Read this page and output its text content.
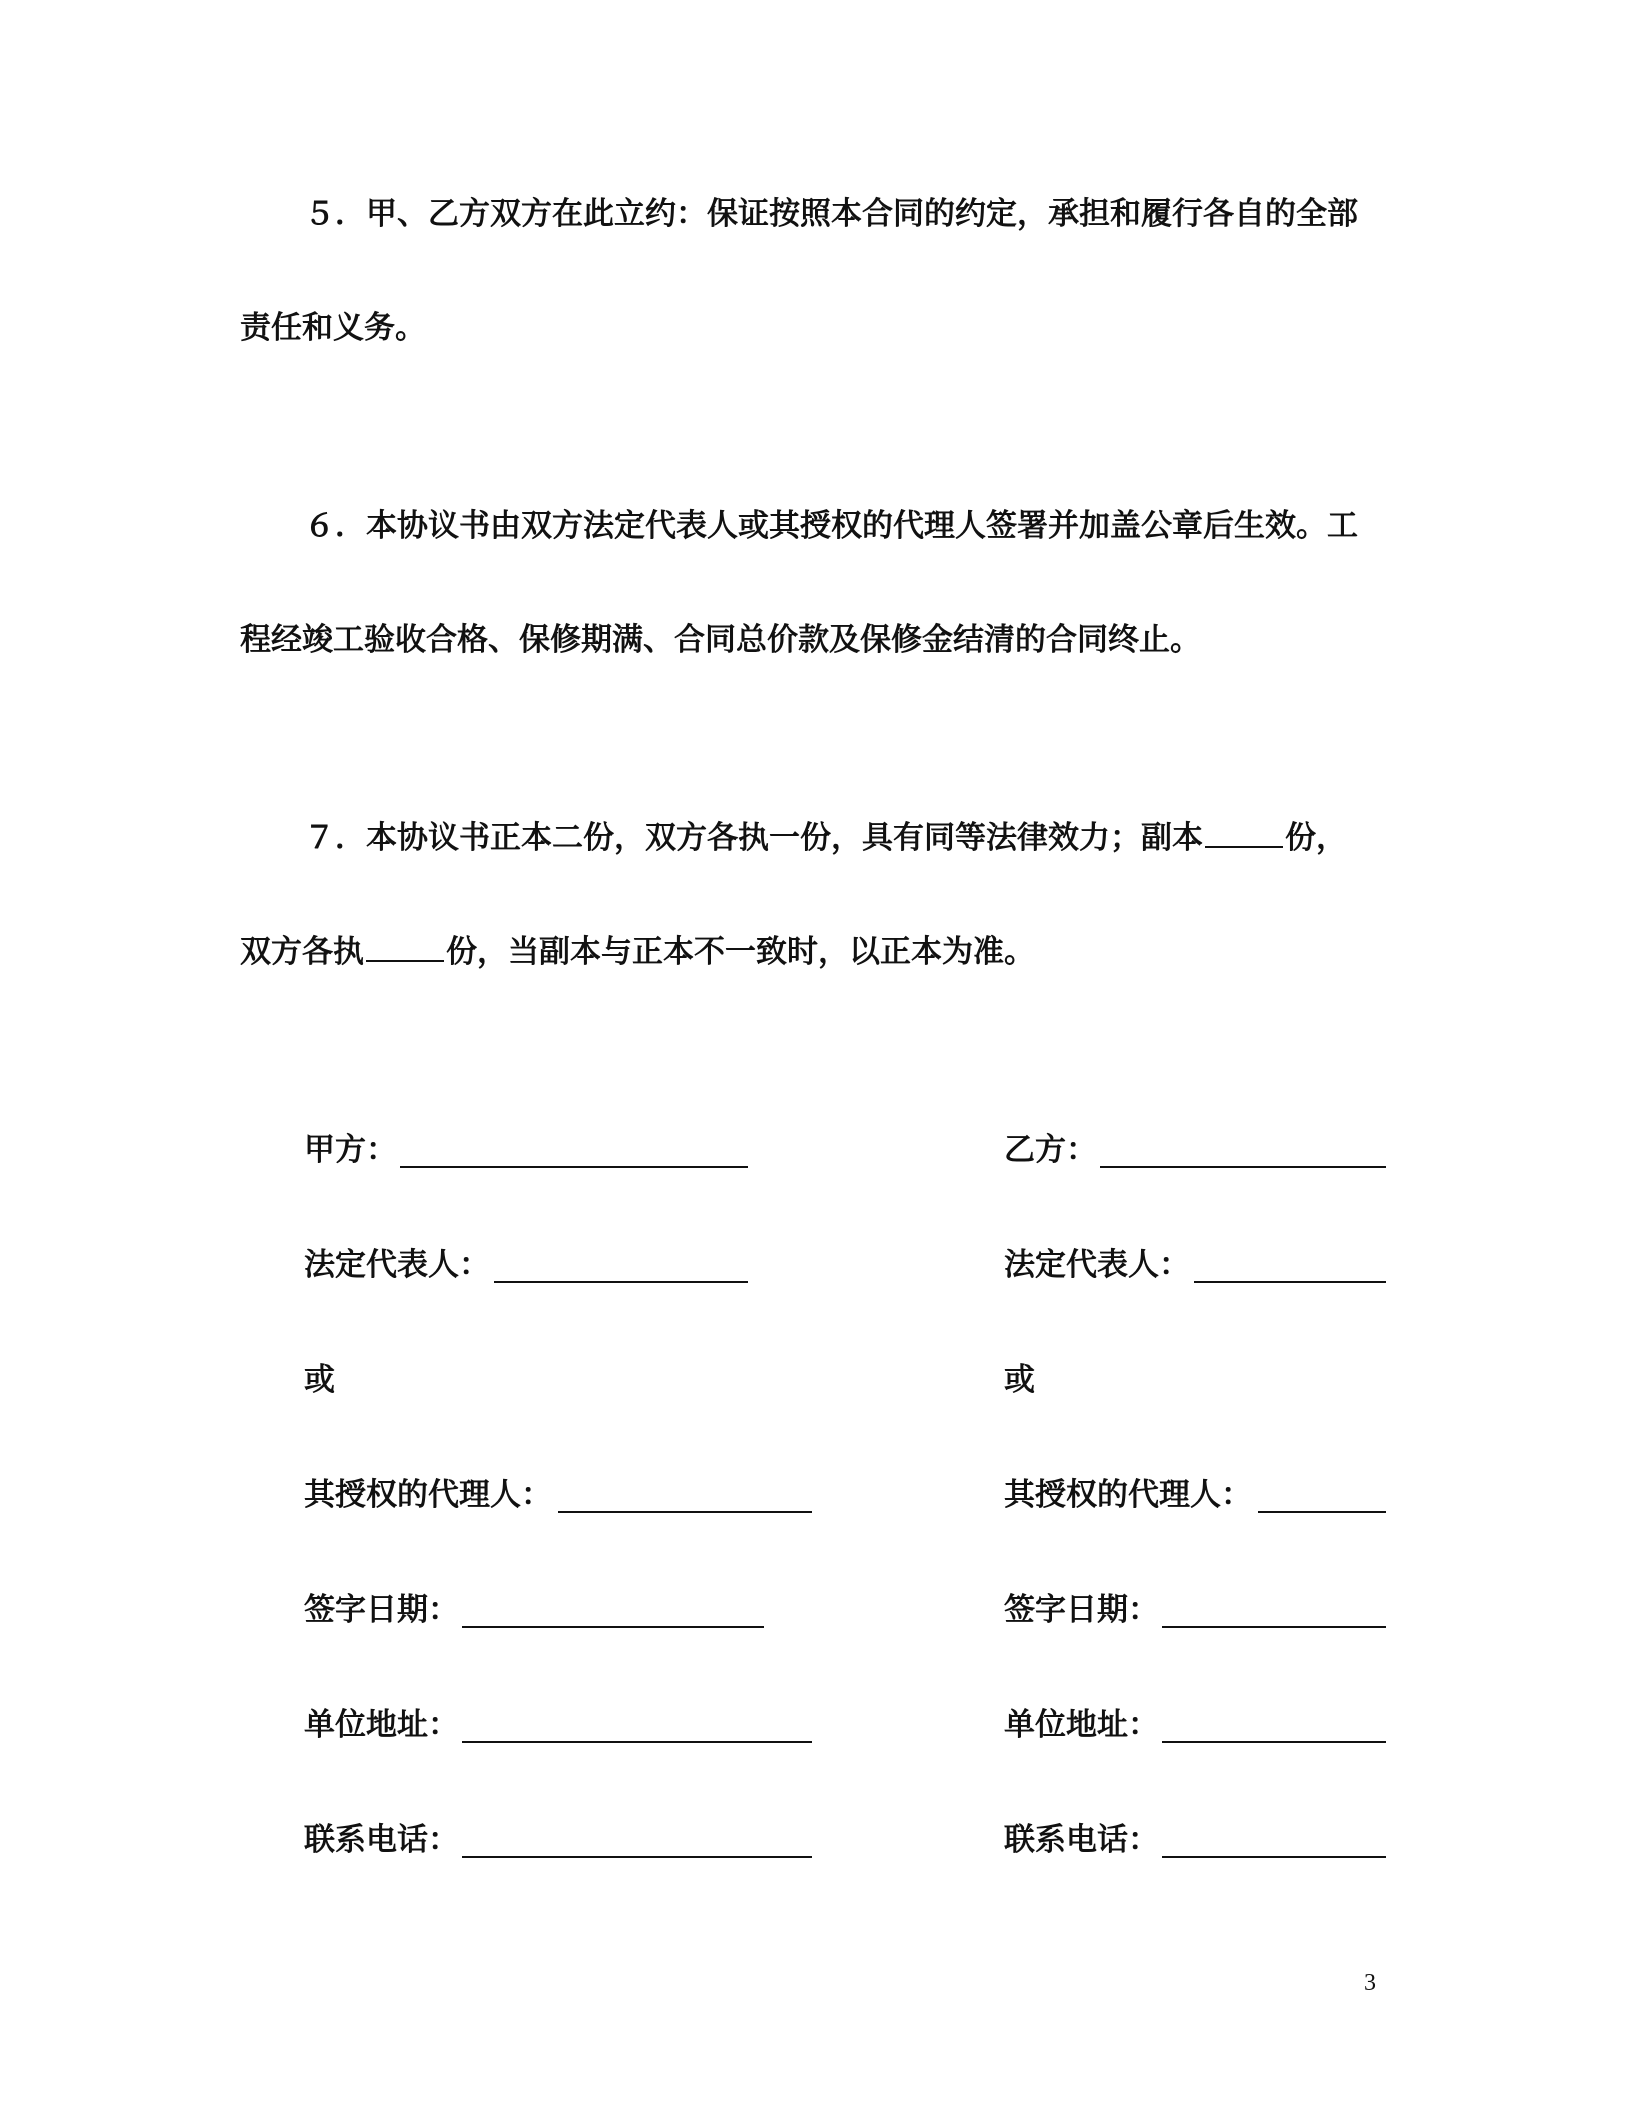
５．甲、乙方双方在此立约：保证按照本合同的约定，承担和履行各自的全部
责任和义务。
６．本协议书由双方法定代表人或其授权的代理人签署并加盖公章后生效。工
程经竣工验收合格、保修期满、合同总价款及保修金结清的合同终止。
７．本协议书正本二份，双方各执一份，具有同等法律效力；副本	份，
双方各执	份，当副本与正本不一致时，以正本为准。
甲方：
法定代表人：
或
其授权的代理人：
签字日期：
单位地址：
联系电话：
乙方：
法定代表人：
或
其授权的代理人：
签字日期：
单位地址：
联系电话：
3
